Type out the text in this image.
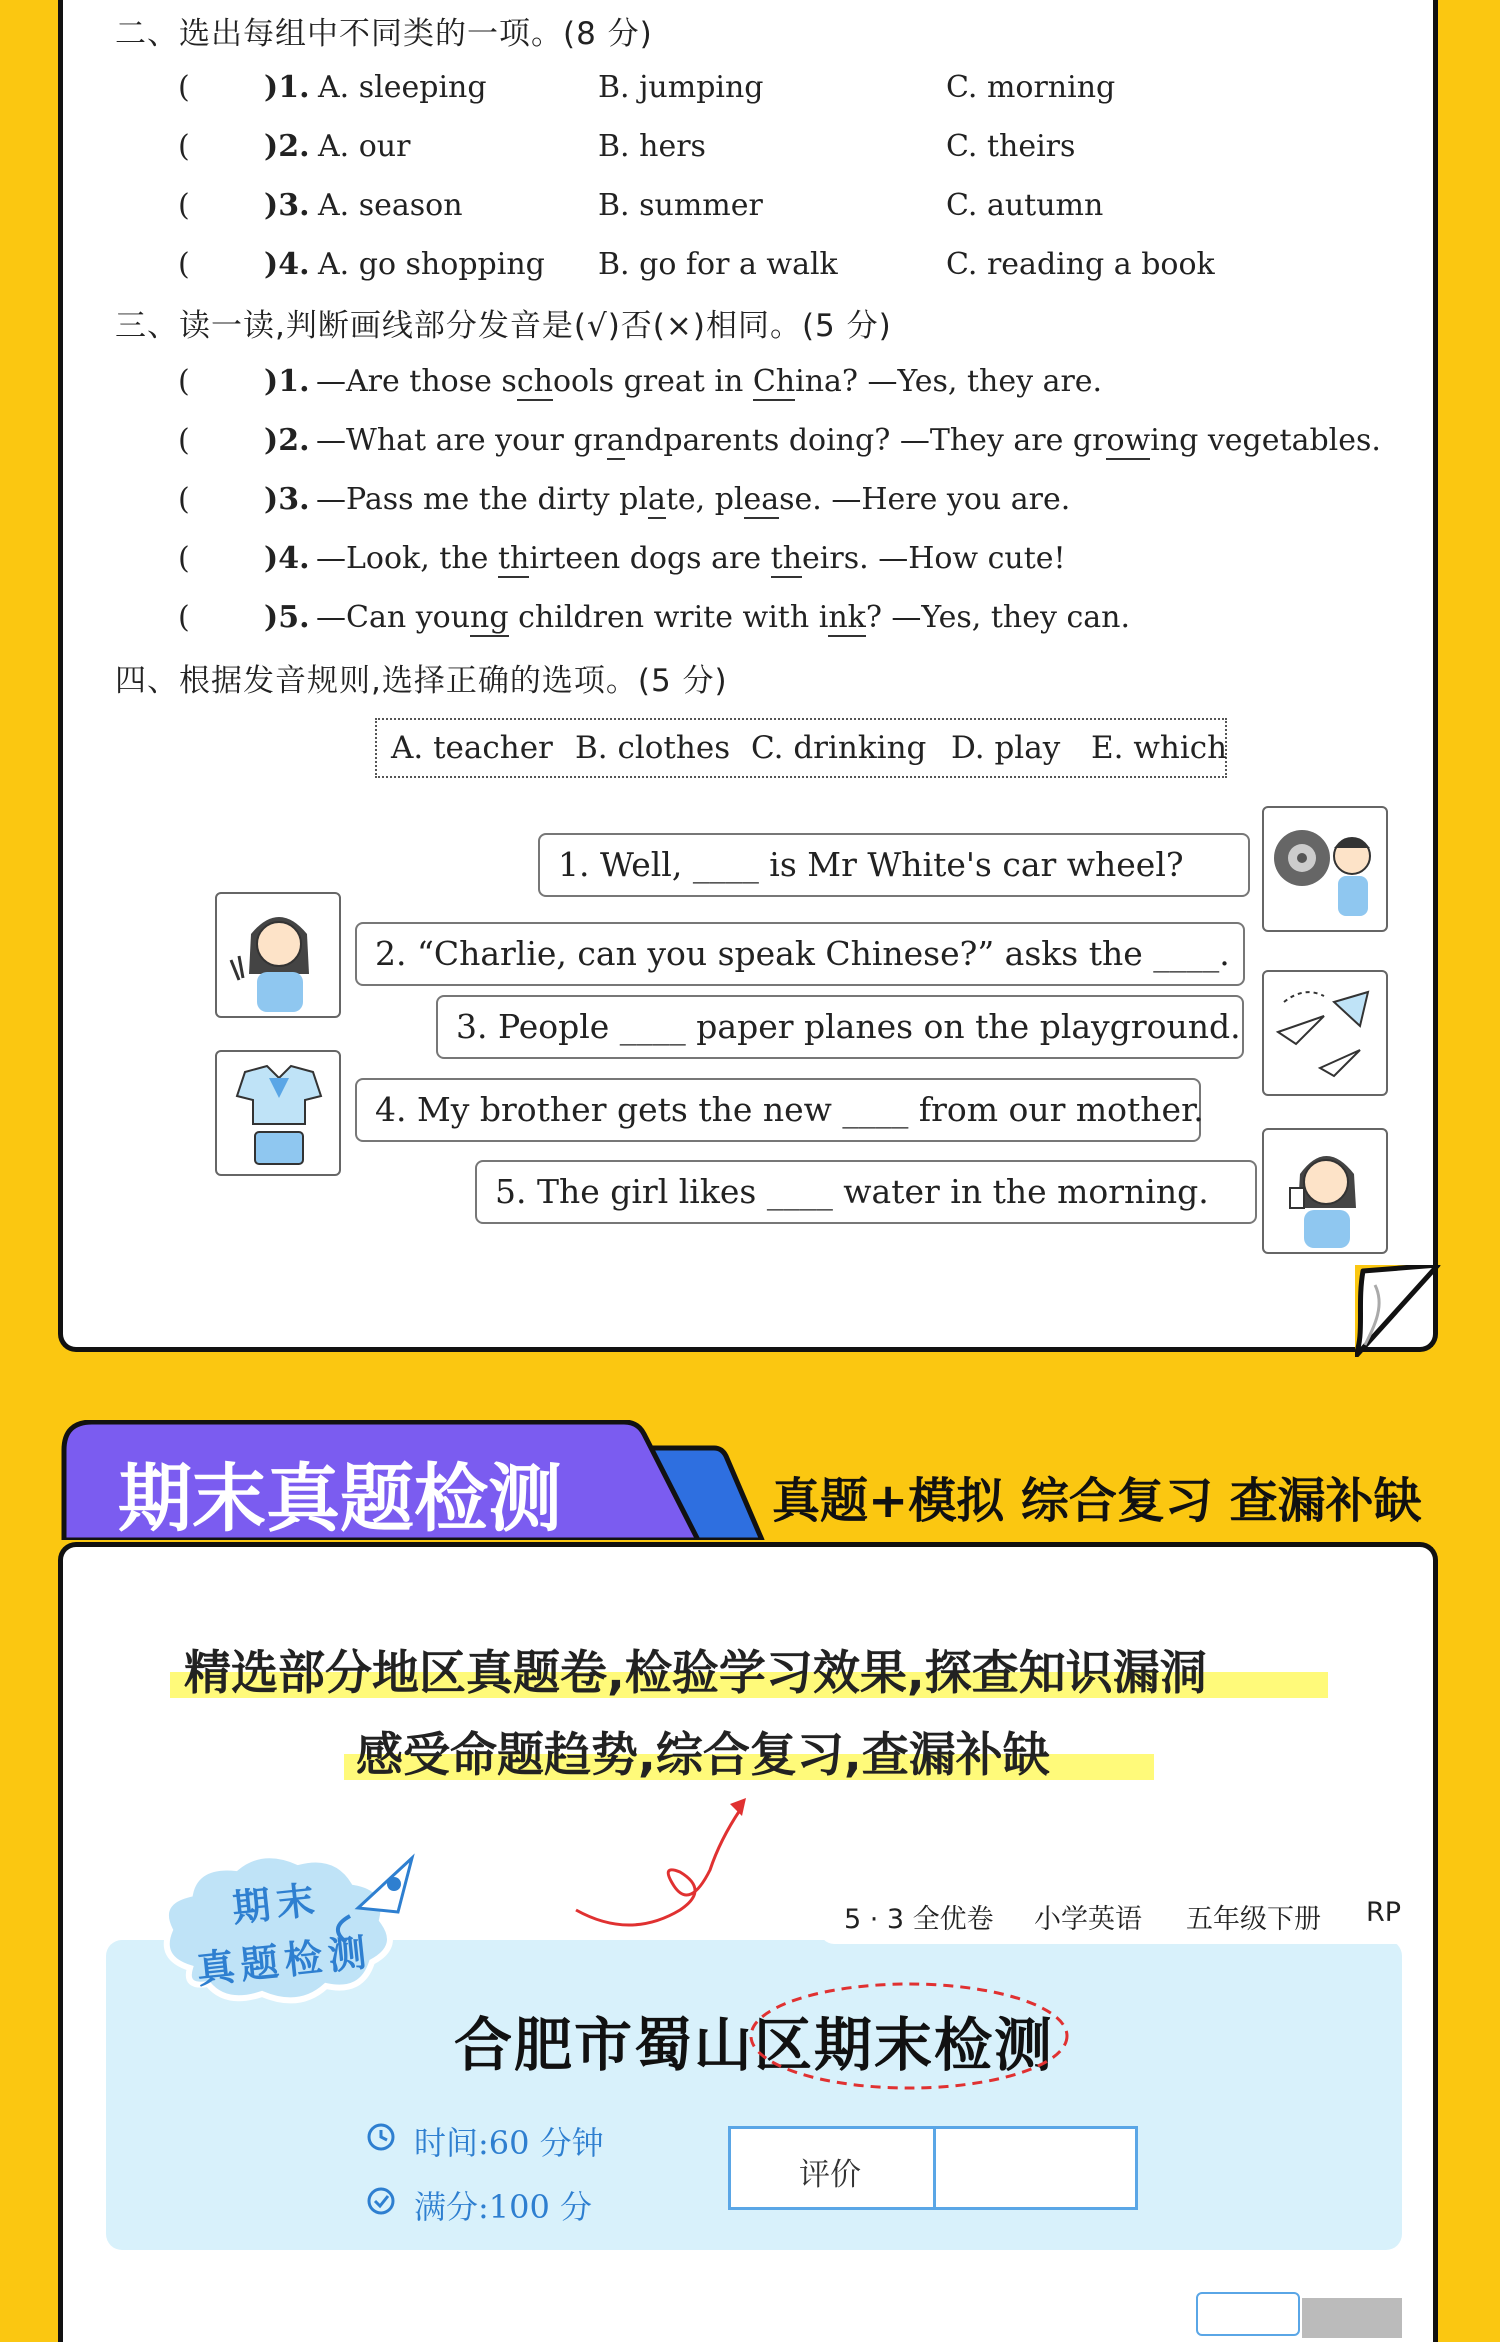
二、选出每组中不同类的一项。(8 分)
( )1. A. sleeping	B. jumping	C. morning
( )2. A. our	B. hers	C. theirs
( )3. A. season	B. summer	C. autumn
( )4. A. go shopping B. go for a walk	C. reading a book
三、读一读,判断画线部分发音是(√)否(×)相同。(5 分)
( )1. —Are those schools great in China? —Yes, they are.
( )2. —What are your grandparents doing? —They are growing vegetables.
( )3. —Pass me the dirty plate, please. —Here you are.
( )4. —Look, the thirteen dogs are theirs. —How cute!
( )5. —Can young children write with ink? —Yes, they can.
四、根据发音规则,选择正确的选项。(5 分)
A. teacher B. clothes C. drinking D. play E. which
1. Well, ____ is Mr White's car wheel?
2. “Charlie, can you speak Chinese?” asks the ____.
3. People ____ paper planes on the playground.
4. My brother gets the new ____ from our mother.
5. The girl likes ____ water in the morning.
期末真题检测	真题+模拟 综合复习 查漏补缺
精选部分地区真题卷,检验学习效果,探查知识漏洞
感受命题趋势,综合复习,查漏补缺
期末
真题检测
5 · 3 全优卷 小学英语 五年级下册 RP
合肥市蜀山区期末检测
时间:60 分钟
满分:100 分
评价
